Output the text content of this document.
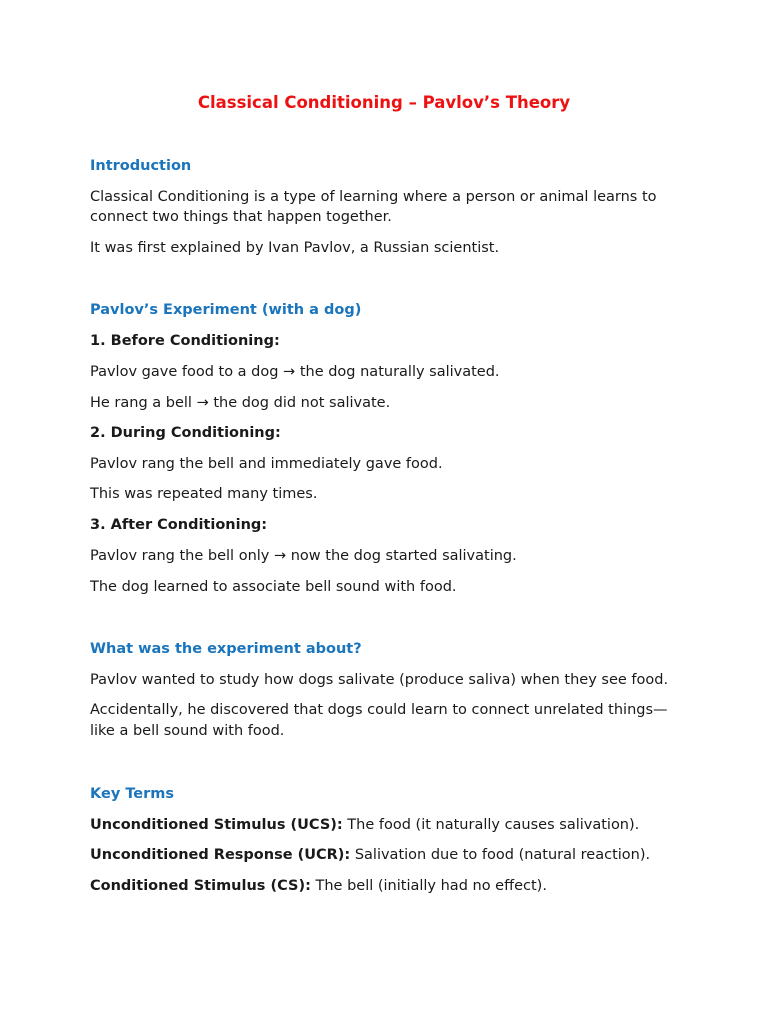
Classical Conditioning – Pavlov’s Theory
Introduction

Classical Conditioning is a type of learning where a person or animal learns to connect two things that happen together.

It was first explained by Ivan Pavlov, a Russian scientist.

Pavlov’s Experiment (with a dog)

1. Before Conditioning:

Pavlov gave food to a dog → the dog naturally salivated.

He rang a bell → the dog did not salivate.

2. During Conditioning:

Pavlov rang the bell and immediately gave food.

This was repeated many times.

3. After Conditioning:

Pavlov rang the bell only → now the dog started salivating.

The dog learned to associate bell sound with food.

What was the experiment about?

Pavlov wanted to study how dogs salivate (produce saliva) when they see food.

Accidentally, he discovered that dogs could learn to connect unrelated things—like a bell sound with food.

Key Terms

Unconditioned Stimulus (UCS): The food (it naturally causes salivation).

Unconditioned Response (UCR): Salivation due to food (natural reaction).

Conditioned Stimulus (CS): The bell (initially had no effect).
